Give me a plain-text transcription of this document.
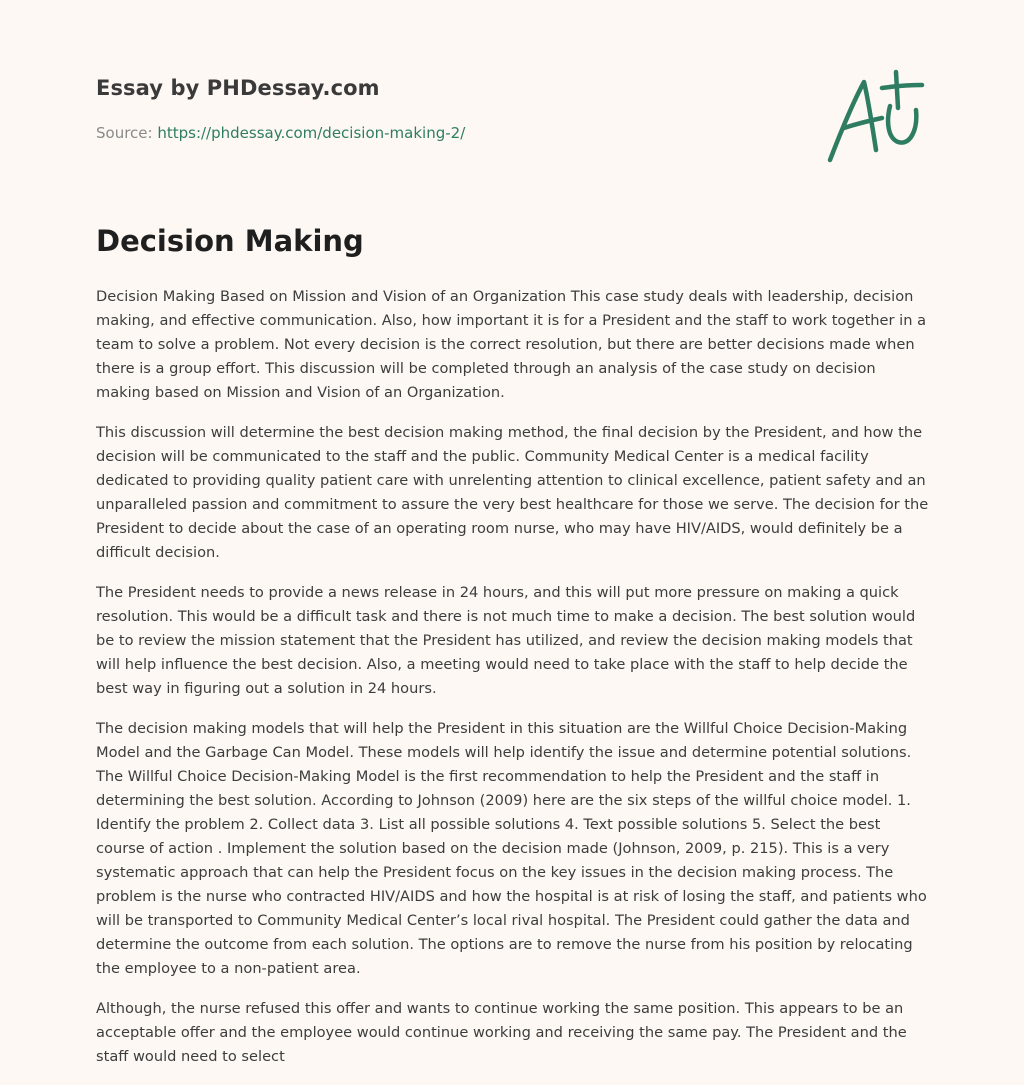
Essay by PHDessay.com
Source: https://phdessay.com/decision-making-2/
Decision Making

Decision Making Based on Mission and Vision of an Organization This case study deals with leadership, decision making, and effective communication. Also, how important it is for a President and the staff to work together in a team to solve a problem. Not every decision is the correct resolution, but there are better decisions made when there is a group effort. This discussion will be completed through an analysis of the case study on decision making based on Mission and Vision of an Organization.

This discussion will determine the best decision making method, the final decision by the President, and how the decision will be communicated to the staff and the public. Community Medical Center is a medical facility dedicated to providing quality patient care with unrelenting attention to clinical excellence, patient safety and an unparalleled passion and commitment to assure the very best healthcare for those we serve. The decision for the President to decide about the case of an operating room nurse, who may have HIV/AIDS, would definitely be a difficult decision.

The President needs to provide a news release in 24 hours, and this will put more pressure on making a quick resolution. This would be a difficult task and there is not much time to make a decision. The best solution would be to review the mission statement that the President has utilized, and review the decision making models that will help influence the best decision. Also, a meeting would need to take place with the staff to help decide the best way in figuring out a solution in 24 hours.

The decision making models that will help the President in this situation are the Willful Choice Decision-Making Model and the Garbage Can Model. These models will help identify the issue and determine potential solutions. The Willful Choice Decision-Making Model is the first recommendation to help the President and the staff in determining the best solution. According to Johnson (2009) here are the six steps of the willful choice model. 1. Identify the problem 2. Collect data 3. List all possible solutions 4. Text possible solutions 5. Select the best course of action . Implement the solution based on the decision made (Johnson, 2009, p. 215). This is a very systematic approach that can help the President focus on the key issues in the decision making process. The problem is the nurse who contracted HIV/AIDS and how the hospital is at risk of losing the staff, and patients who will be transported to Community Medical Center’s local rival hospital. The President could gather the data and determine the outcome from each solution. The options are to remove the nurse from his position by relocating the employee to a non-patient area.

Although, the nurse refused this offer and wants to continue working the same position. This appears to be an acceptable offer and the employee would continue working and receiving the same pay. The President and the staff would need to select
